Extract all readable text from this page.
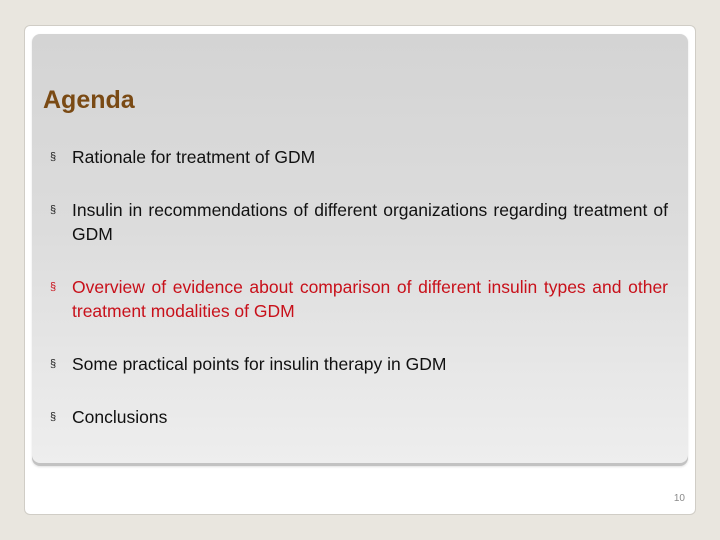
Agenda
§ Rationale for treatment of GDM
§ Insulin in recommendations of different organizations regarding treatment of GDM
§ Overview of evidence about comparison of different insulin types and other treatment modalities of GDM
§ Some practical points for insulin therapy in GDM
§ Conclusions
10
